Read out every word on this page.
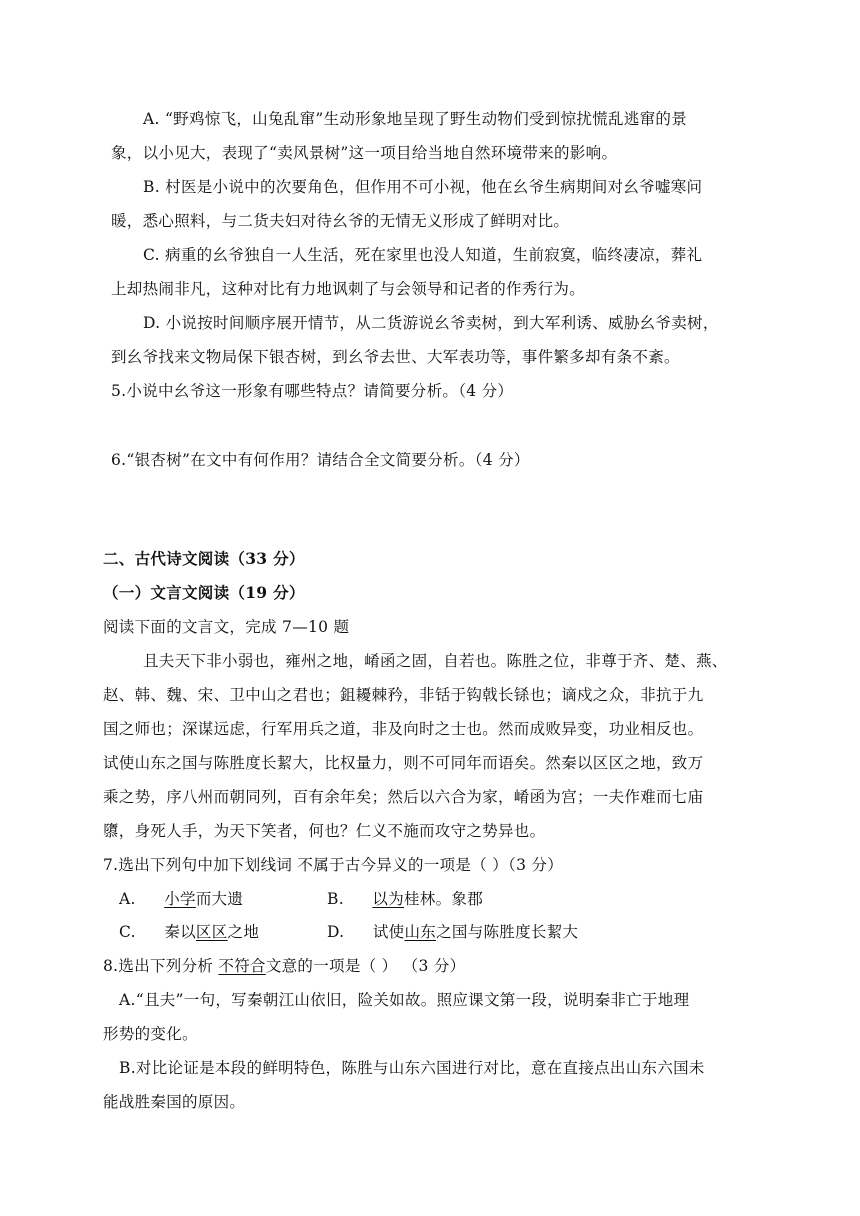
A. “野鸡惊飞，山兔乱窜”生动形象地呈现了野生动物们受到惊扰慌乱逃窜的景
象，以小见大，表现了“卖风景树”这一项目给当地自然环境带来的影响。
B. 村医是小说中的次要角色，但作用不可小视，他在幺爷生病期间对幺爷嘘寒问
暖，悉心照料，与二货夫妇对待幺爷的无情无义形成了鲜明对比。
C. 病重的幺爷独自一人生活，死在家里也没人知道，生前寂寞，临终凄凉，葬礼
上却热闹非凡，这种对比有力地讽刺了与会领导和记者的作秀行为。
D. 小说按时间顺序展开情节，从二货游说幺爷卖树，到大军利诱、威胁幺爷卖树，
到幺爷找来文物局保下银杏树，到幺爷去世、大军表功等，事件繁多却有条不紊。
5.小说中幺爷这一形象有哪些特点？请简要分析。（4 分）
6.“银杏树”在文中有何作用？请结合全文简要分析。（4 分）
二、古代诗文阅读（33 分）
（一）文言文阅读（19 分）
阅读下面的文言文，完成 7—10 题
且夫天下非小弱也，雍州之地，崤函之固，自若也。陈胜之位，非尊于齐、楚、燕、
赵、韩、魏、宋、卫中山之君也；鉏耰棘矜，非铦于钩戟长铩也；谪戍之众，非抗于九
国之师也；深谋远虑，行军用兵之道，非及向时之士也。然而成败异变，功业相反也。
试使山东之国与陈胜度长絜大，比权量力，则不可同年而语矣。然秦以区区之地，致万
乘之势，序八州而朝同列，百有余年矣；然后以六合为家，崤函为宫；一夫作难而七庙
隳，身死人手，为天下笑者，何也？仁义不施而攻守之势异也。
7.选出下列句中加下划线词 不属于古今异义的一项是（ ）（3 分）
A. 小学而大遗	B. 以为桂林。象郡
C. 秦以区区之地	D. 试使山东之国与陈胜度长絜大
8.选出下列分析 不符合文意的一项是（ ） （3 分）
A.“且夫”一句，写秦朝江山依旧，险关如故。照应课文第一段，说明秦非亡于地理
形势的变化。
B.对比论证是本段的鲜明特色，陈胜与山东六国进行对比，意在直接点出山东六国未
能战胜秦国的原因。
